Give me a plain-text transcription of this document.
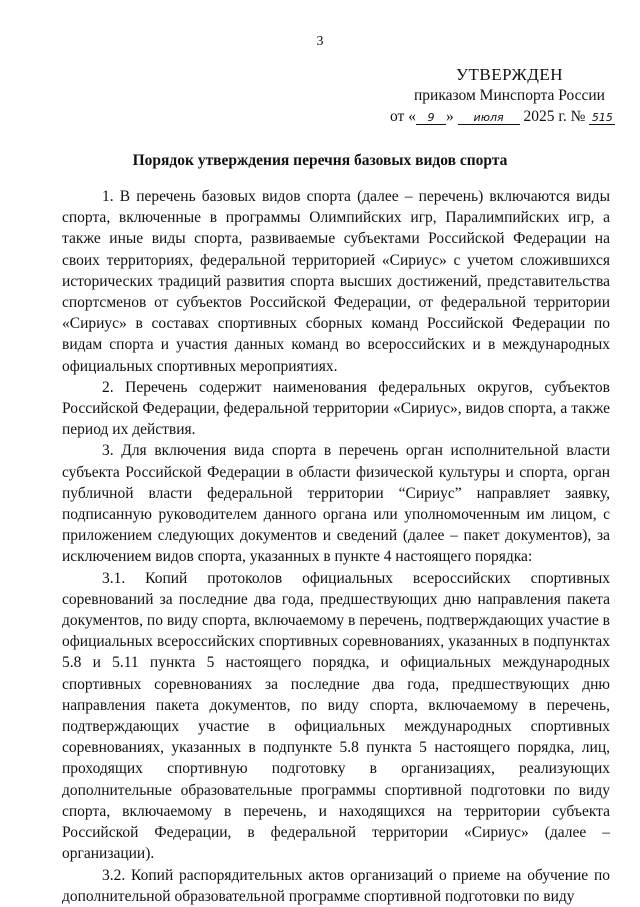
3
УТВЕРЖДЕН
приказом Минспорта России
от « 9 » июля 2025 г. № 515
Порядок утверждения перечня базовых видов спорта

1. В перечень базовых видов спорта (далее – перечень) включаются виды спорта, включенные в программы Олимпийских игр, Паралимпийских игр, а также иные виды спорта, развиваемые субъектами Российской Федерации на своих территориях, федеральной территорией «Сириус» с учетом сложившихся исторических традиций развития спорта высших достижений, представительства спортсменов от субъектов Российской Федерации, от федеральной территории «Сириус» в составах спортивных сборных команд Российской Федерации по видам спорта и участия данных команд во всероссийских и в международных официальных спортивных мероприятиях.

2. Перечень содержит наименования федеральных округов, субъектов Российской Федерации, федеральной территории «Сириус», видов спорта, а также период их действия.

3. Для включения вида спорта в перечень орган исполнительной власти субъекта Российской Федерации в области физической культуры и спорта, орган публичной власти федеральной территории “Сириус” направляет заявку, подписанную руководителем данного органа или уполномоченным им лицом, с приложением следующих документов и сведений (далее – пакет документов), за исключением видов спорта, указанных в пункте 4 настоящего порядка:

3.1. Копий протоколов официальных всероссийских спортивных соревнований за последние два года, предшествующих дню направления пакета документов, по виду спорта, включаемому в перечень, подтверждающих участие в официальных всероссийских спортивных соревнованиях, указанных в подпунктах 5.8 и 5.11 пункта 5 настоящего порядка, и официальных международных спортивных соревнованиях за последние два года, предшествующих дню направления пакета документов, по виду спорта, включаемому в перечень, подтверждающих участие в официальных международных спортивных соревнованиях, указанных в подпункте 5.8 пункта 5 настоящего порядка, лиц, проходящих спортивную подготовку в организациях, реализующих дополнительные образовательные программы спортивной подготовки по виду спорта, включаемому в перечень, и находящихся на территории субъекта Российской Федерации, в федеральной территории «Сириус» (далее – организации).

3.2. Копий распорядительных актов организаций о приеме на обучение по дополнительной образовательной программе спортивной подготовки по виду
